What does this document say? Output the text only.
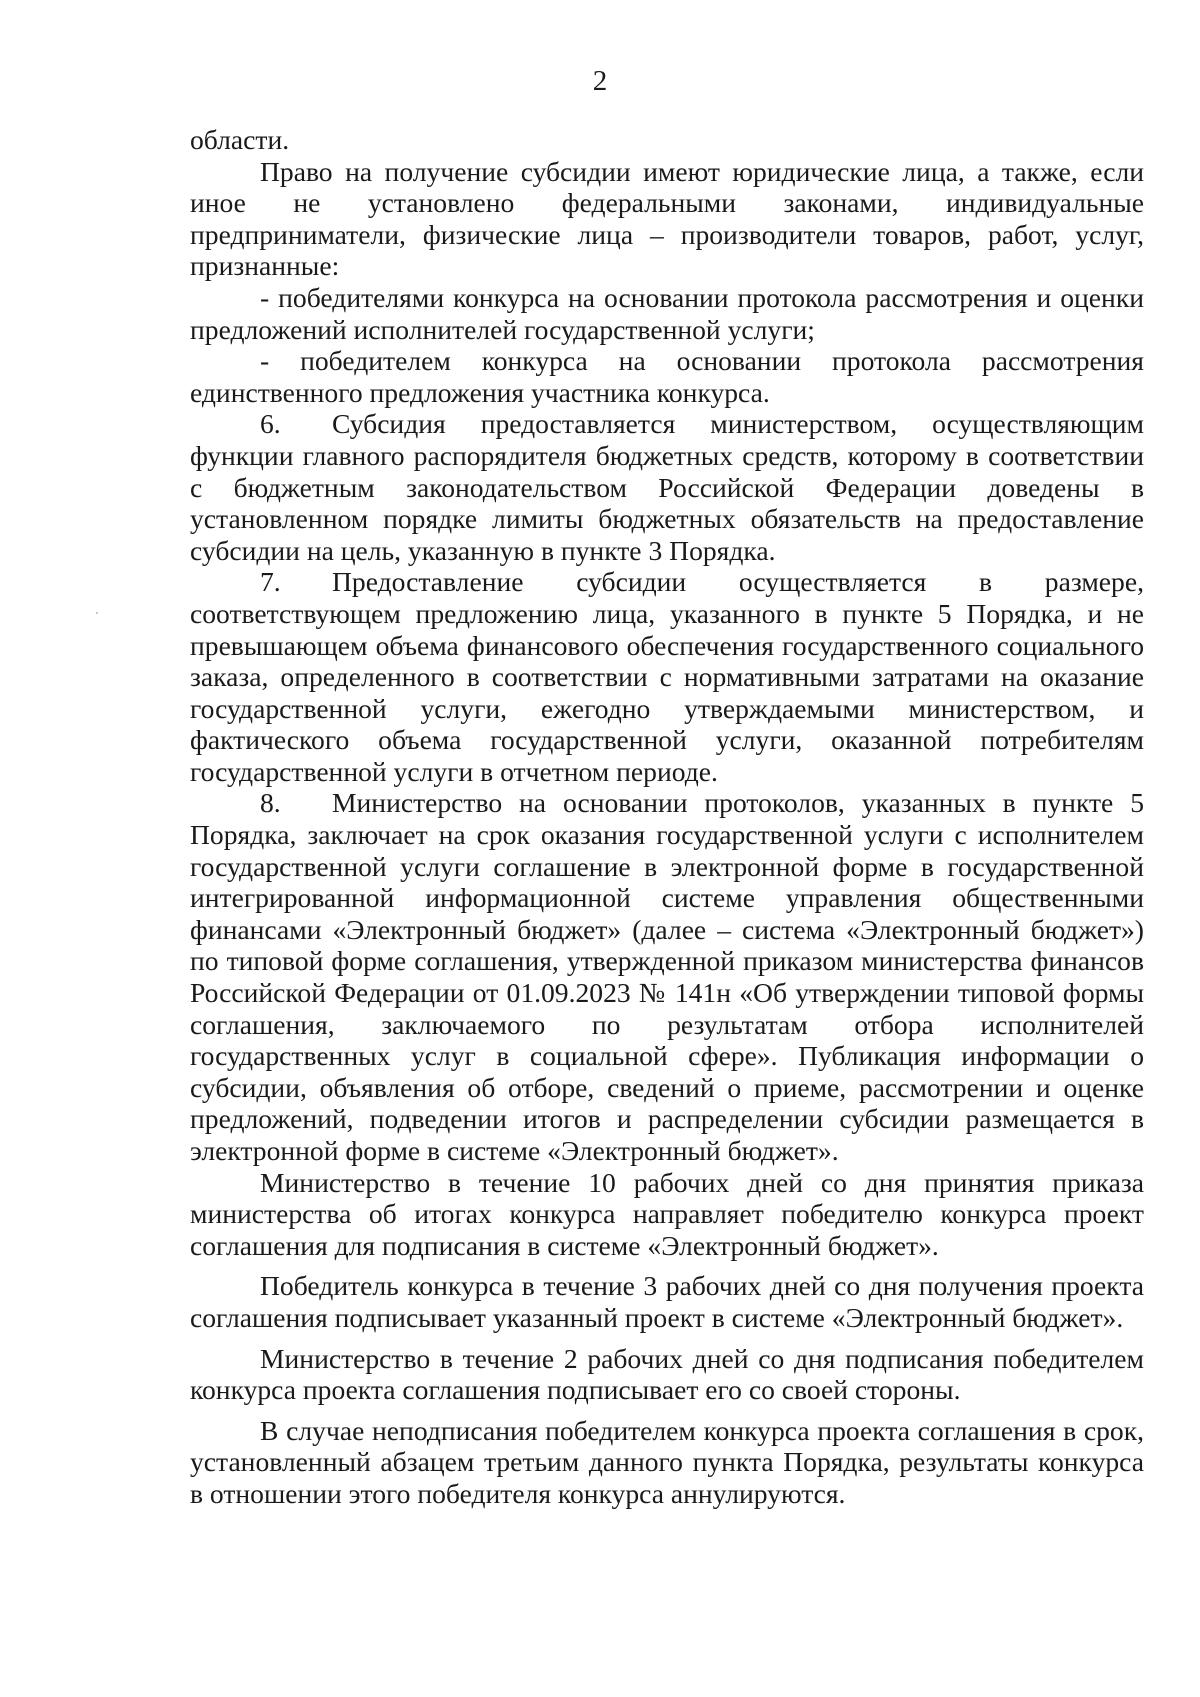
2

области.

Право на получение субсидии имеют юридические лица, а также, если иное не установлено федеральными законами, индивидуальные предприниматели, физические лица – производители товаров, работ, услуг, признанные:

- победителями конкурса на основании протокола рассмотрения и оценки предложений исполнителей государственной услуги;

- победителем конкурса на основании протокола рассмотрения единственного предложения участника конкурса.

6. Субсидия предоставляется министерством, осуществляющим функции главного распорядителя бюджетных средств, которому в соответствии с бюджетным законодательством Российской Федерации доведены в установленном порядке лимиты бюджетных обязательств на предоставление субсидии на цель, указанную в пункте 3 Порядка.

7. Предоставление субсидии осуществляется в размере, соответствующем предложению лица, указанного в пункте 5 Порядка, и не превышающем объема финансового обеспечения государственного социального заказа, определенного в соответствии с нормативными затратами на оказание государственной услуги, ежегодно утверждаемыми министерством, и фактического объема государственной услуги, оказанной потребителям государственной услуги в отчетном периоде.

8. Министерство на основании протоколов, указанных в пункте 5 Порядка, заключает на срок оказания государственной услуги с исполнителем государственной услуги соглашение в электронной форме в государственной интегрированной информационной системе управления общественными финансами «Электронный бюджет» (далее – система «Электронный бюджет») по типовой форме соглашения, утвержденной приказом министерства финансов Российской Федерации от 01.09.2023 № 141н «Об утверждении типовой формы соглашения, заключаемого по результатам отбора исполнителей государственных услуг в социальной сфере». Публикация информации о субсидии, объявления об отборе, сведений о приеме, рассмотрении и оценке предложений, подведении итогов и распределении субсидии размещается в электронной форме в системе «Электронный бюджет».

Министерство в течение 10 рабочих дней со дня принятия приказа министерства об итогах конкурса направляет победителю конкурса проект соглашения для подписания в системе «Электронный бюджет».

Победитель конкурса в течение 3 рабочих дней со дня получения проекта соглашения подписывает указанный проект в системе «Электронный бюджет».

Министерство в течение 2 рабочих дней со дня подписания победителем конкурса проекта соглашения подписывает его со своей стороны.

В случае неподписания победителем конкурса проекта соглашения в срок, установленный абзацем третьим данного пункта Порядка, результаты конкурса в отношении этого победителя конкурса аннулируются.
